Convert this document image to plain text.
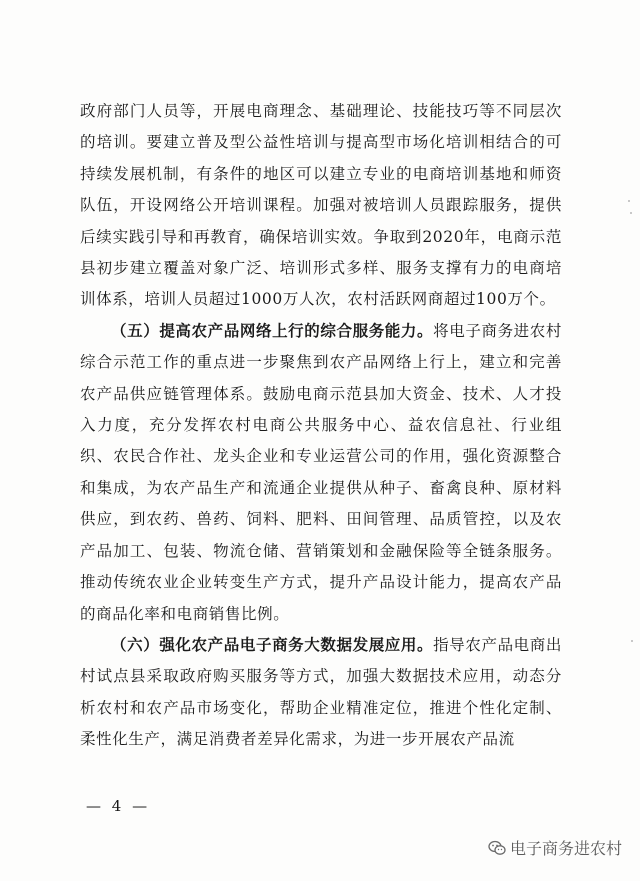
政府部门人员等，开展电商理念、基础理论、技能技巧等不同层次的培训。要建立普及型公益性培训与提高型市场化培训相结合的可持续发展机制，有条件的地区可以建立专业的电商培训基地和师资队伍，开设网络公开培训课程。加强对被培训人员跟踪服务，提供后续实践引导和再教育，确保培训实效。争取到2020年，电商示范县初步建立覆盖对象广泛、培训形式多样、服务支撑有力的电商培训体系，培训人员超过1000万人次，农村活跃网商超过100万个。

（五）提高农产品网络上行的综合服务能力。将电子商务进农村综合示范工作的重点进一步聚焦到农产品网络上行上，建立和完善农产品供应链管理体系。鼓励电商示范县加大资金、技术、人才投入力度，充分发挥农村电商公共服务中心、益农信息社、行业组织、农民合作社、龙头企业和专业运营公司的作用，强化资源整合和集成，为农产品生产和流通企业提供从种子、畜禽良种、原材料供应，到农药、兽药、饲料、肥料、田间管理、品质管控，以及农产品加工、包装、物流仓储、营销策划和金融保险等全链条服务。推动传统农业企业转变生产方式，提升产品设计能力，提高农产品的商品化率和电商销售比例。

（六）强化农产品电子商务大数据发展应用。指导农产品电商出村试点县采取政府购买服务等方式，加强大数据技术应用，动态分析农村和农产品市场变化，帮助企业精准定位，推进个性化定制、柔性化生产，满足消费者差异化需求，为进一步开展农产品流

— 4 —
电子商务进农村
